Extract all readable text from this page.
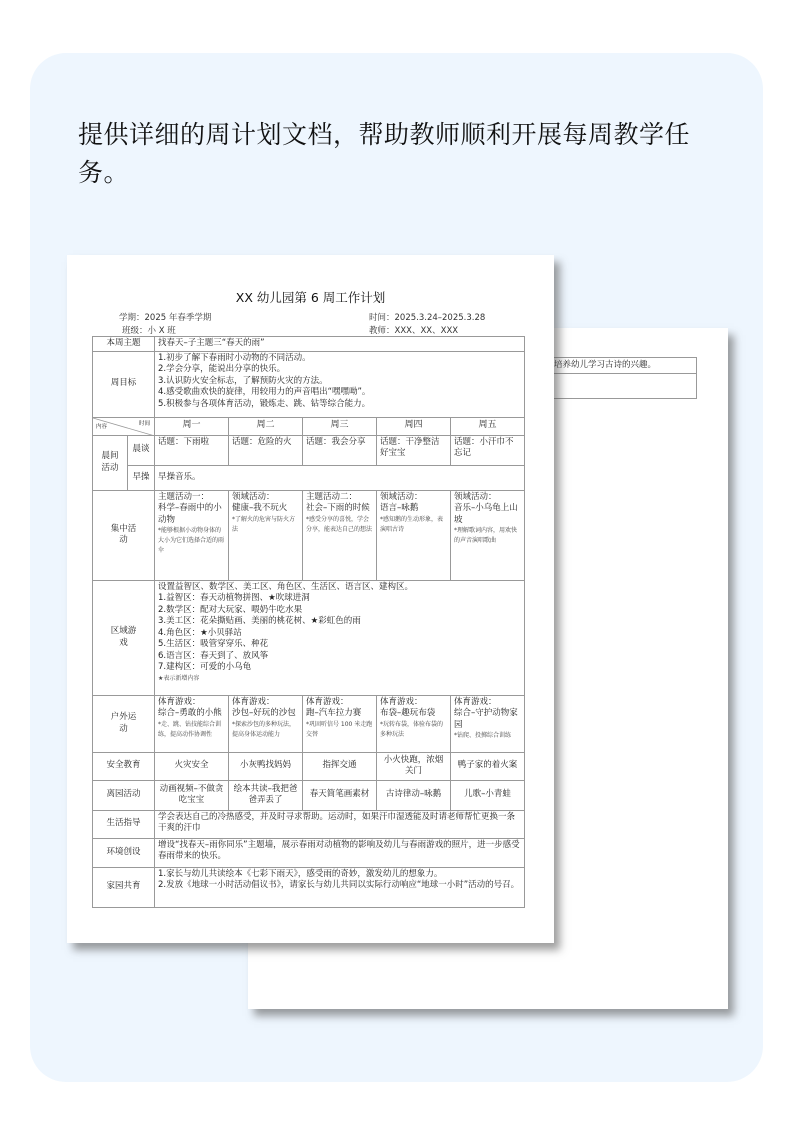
提供详细的周计划文档，帮助教师顺利开展每周教学任务。
培养幼儿学习古诗的兴趣。
XX 幼儿园第 6 周工作计划
学期：2025 年春季学期
班级：小 X 班
时间：2025.3.24–2025.3.28
教师：XXX、XX、XXX
本周主题		找春天–子主题三“春天的雨”				
周目标		1.初步了解下春雨时小动物的不同活动。
2.学会分享，能说出分享的快乐。
3.认识防火安全标志，了解预防火灾的方法。
4.感受歌曲欢快的旋律，用较用力的声音唱出“嘿嘿呦”。
5.积极参与各项体育活动，锻炼走、跳、钻等综合能力。				

时间
内容		周一	周二	周三	周四	周五
晨间活动	晨谈	话题：下雨啦	话题：危险的火	话题：我会分享	话题：干净整洁好宝宝	话题：小汗巾不忘记
	早操	早操音乐。				
集中活动		主题活动一：
科学–春雨中的小动物
*能够根据小动物身体的大小为它们选择合适的雨伞	领域活动：
健康–我不玩火
*了解火的危害与防火方法	主题活动二：
社会–下雨的时候
*感受分享的喜悦，学会分享，能表达自己的想法	领域活动：
语言–咏鹅
*感知鹅的生动形象，表演唱古诗	领域活动：
音乐–小乌龟上山坡
*理解歌词内容，用欢快的声音演唱歌曲

区域游戏	
设置益智区、数学区、美工区、角色区、生活区、语言区、建构区。
1.益智区：春天动植物拼图、★吹球进洞
2.数学区：配对大玩家、喂奶牛吃水果
3.美工区：花朵撕贴画、美丽的桃花树、★彩虹色的雨
4.角色区：★小贝驿站
5.生活区：吸管穿穿乐、种花
6.语言区：春天到了、放风筝
7.建构区：可爱的小乌龟
★表示新增内容

户外运动		体育游戏：
综合–勇敢的小熊
*走、跳、钻技能综合训练，提高动作协调性	体育游戏：
沙包–好玩的沙包
*探索沙包的多种玩法，提高身体运动能力	体育游戏：
跑–汽车拉力赛
*巩固听信号 100 米走跑交替	体育游戏：
布袋–趣玩布袋
*玩转布袋，体验布袋的多种玩法	体育游戏：
综合–守护动物家园
*钻爬、投掷综合训练

安全教育		火灾安全	小灰鸭找妈妈	指挥交通	小火快跑，浓烟关门	鸭子家的着火案
离园活动		动画视频–不做贪吃宝宝	绘本共读–我把爸爸弄丢了	春天简笔画素材	古诗律动–咏鹅	儿歌–小青蛙
生活指导		学会表达自己的冷热感受，并及时寻求帮助。运动时，如果汗巾湿透能及时请老师帮忙更换一条干爽的汗巾				
环境创设		增设“找春天–雨你同乐”主题墙，展示春雨对动植物的影响及幼儿与春雨游戏的照片，进一步感受春雨带来的快乐。				
家园共育		1.家长与幼儿共读绘本《七彩下雨天》，感受雨的奇妙，激发幼儿的想象力。
2.发放《地球一小时活动倡议书》，请家长与幼儿共同以实际行动响应“地球一小时”活动的号召。				
